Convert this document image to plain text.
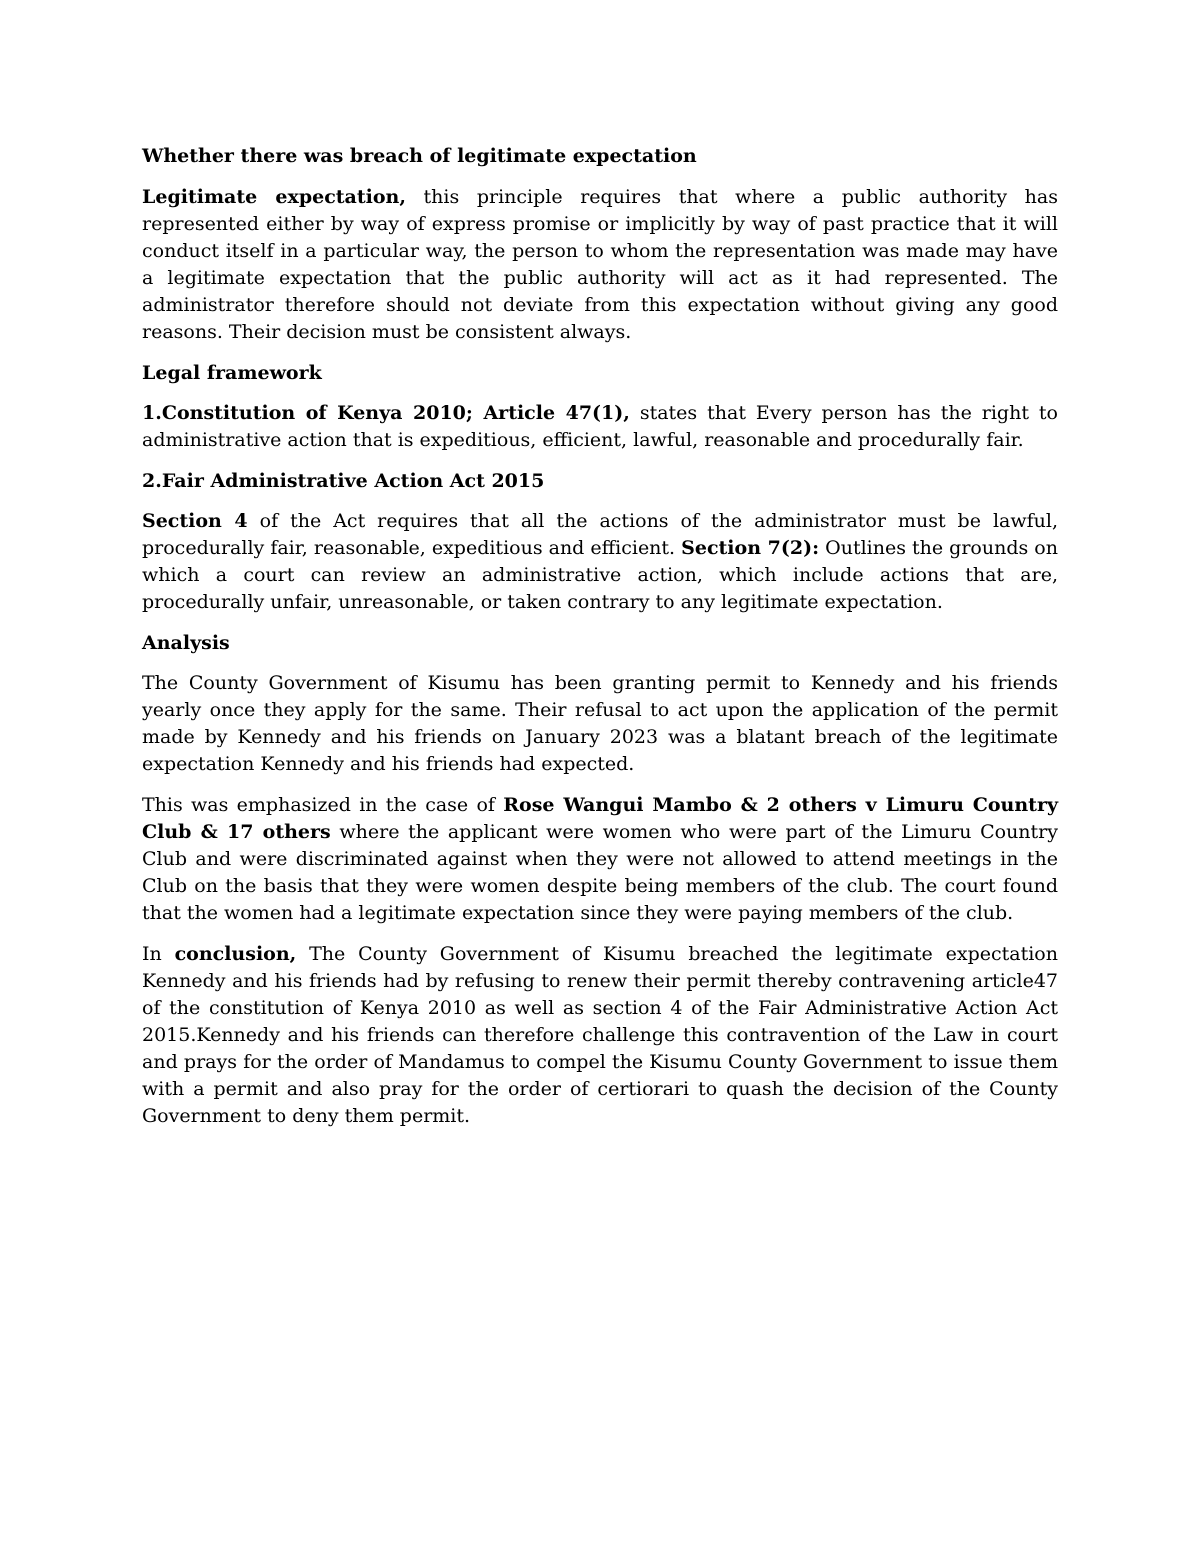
Whether there was breach of legitimate expectation

Legitimate expectation, this principle requires that where a public authority has represented either by way of express promise or implicitly by way of past practice that it will conduct itself in a particular way, the person to whom the representation was made may have a legitimate expectation that the public authority will act as it had represented. The administrator therefore should not deviate from this expectation without giving any good reasons. Their decision must be consistent always.

Legal framework

1.Constitution of Kenya 2010; Article 47(1), states that Every person has the right to administrative action that is expeditious, efficient, lawful, reasonable and procedurally fair.

2.Fair Administrative Action Act 2015

Section 4 of the Act requires that all the actions of the administrator must be lawful, procedurally fair, reasonable, expeditious and efficient. Section 7(2): Outlines the grounds on which a court can review an administrative action, which include actions that are, procedurally unfair, unreasonable, or taken contrary to any legitimate expectation.

Analysis

The County Government of Kisumu has been granting permit to Kennedy and his friends yearly once they apply for the same. Their refusal to act upon the application of the permit made by Kennedy and his friends on January 2023 was a blatant breach of the legitimate expectation Kennedy and his friends had expected.

This was emphasized in the case of Rose Wangui Mambo & 2 others v Limuru Country Club & 17 others where the applicant were women who were part of the Limuru Country Club and were discriminated against when they were not allowed to attend meetings in the Club on the basis that they were women despite being members of the club. The court found that the women had a legitimate expectation since they were paying members of the club.

In conclusion, The County Government of Kisumu breached the legitimate expectation Kennedy and his friends had by refusing to renew their permit thereby contravening article47 of the constitution of Kenya 2010 as well as section 4 of the Fair Administrative Action Act 2015.Kennedy and his friends can therefore challenge this contravention of the Law in court and prays for the order of Mandamus to compel the Kisumu County Government to issue them with a permit and also pray for the order of certiorari to quash the decision of the County Government to deny them permit.
